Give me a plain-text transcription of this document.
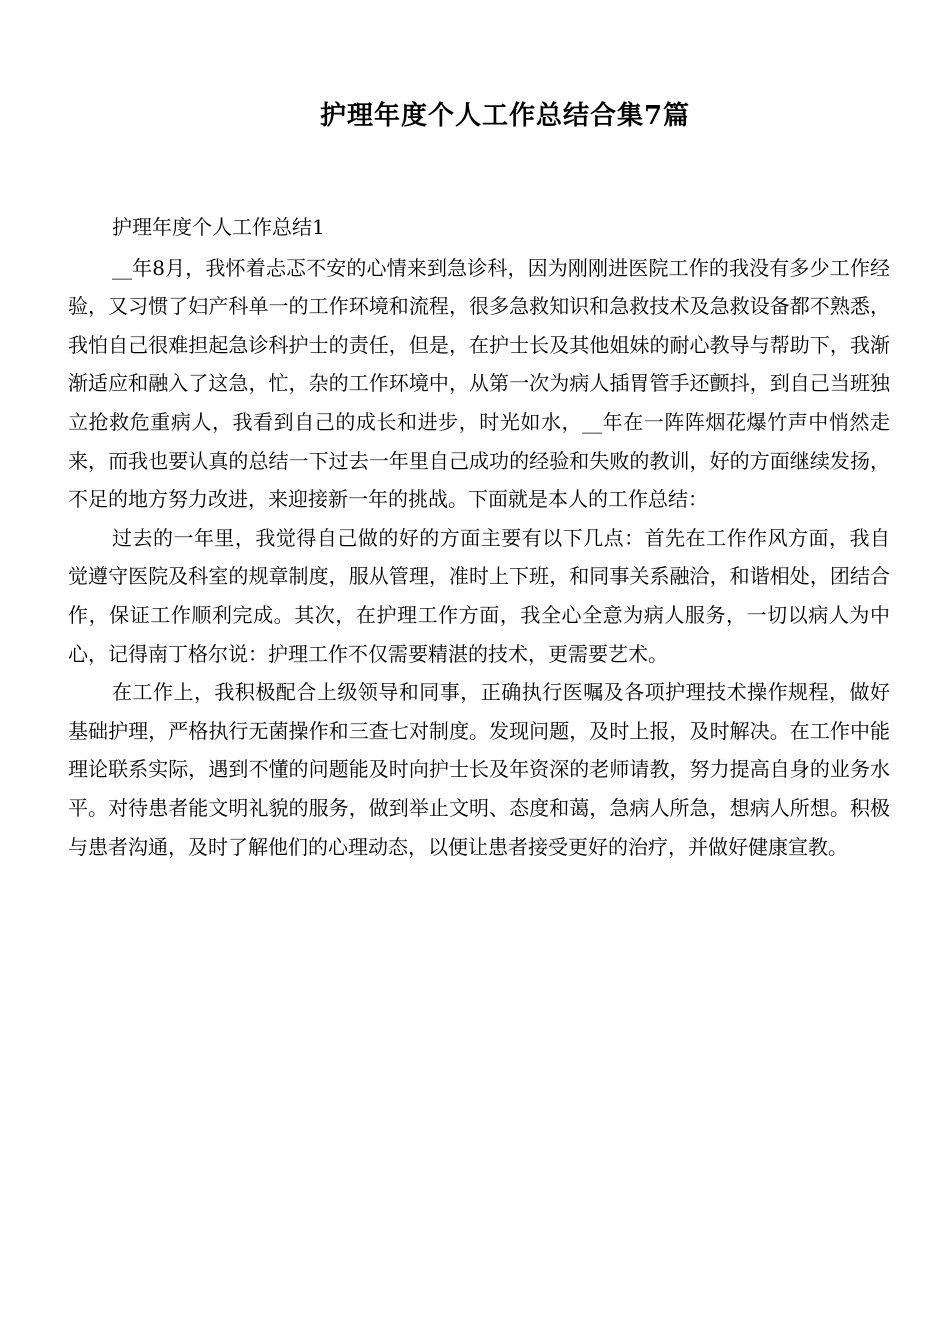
护理年度个人工作总结合集7篇

护理年度个人工作总结1

__年8月，我怀着忐忑不安的心情来到急诊科，因为刚刚进医院工作的我没有多少工作经验，又习惯了妇产科单一的工作环境和流程，很多急救知识和急救技术及急救设备都不熟悉，我怕自己很难担起急诊科护士的责任，但是，在护士长及其他姐妹的耐心教导与帮助下，我渐渐适应和融入了这急，忙，杂的工作环境中，从第一次为病人插胃管手还颤抖，到自己当班独立抢救危重病人，我看到自己的成长和进步，时光如水，__年在一阵阵烟花爆竹声中悄然走来，而我也要认真的总结一下过去一年里自己成功的经验和失败的教训，好的方面继续发扬，不足的地方努力改进，来迎接新一年的挑战。下面就是本人的工作总结：

过去的一年里，我觉得自己做的好的方面主要有以下几点：首先在工作作风方面，我自觉遵守医院及科室的规章制度，服从管理，准时上下班，和同事关系融洽，和谐相处，团结合作，保证工作顺利完成。其次，在护理工作方面，我全心全意为病人服务，一切以病人为中心，记得南丁格尔说：护理工作不仅需要精湛的技术，更需要艺术。

在工作上，我积极配合上级领导和同事，正确执行医嘱及各项护理技术操作规程，做好基础护理，严格执行无菌操作和三查七对制度。发现问题，及时上报，及时解决。在工作中能理论联系实际，遇到不懂的问题能及时向护士长及年资深的老师请教，努力提高自身的业务水平。对待患者能文明礼貌的服务，做到举止文明、态度和蔼，急病人所急，想病人所想。积极与患者沟通，及时了解他们的心理动态，以便让患者接受更好的治疗，并做好健康宣教。
